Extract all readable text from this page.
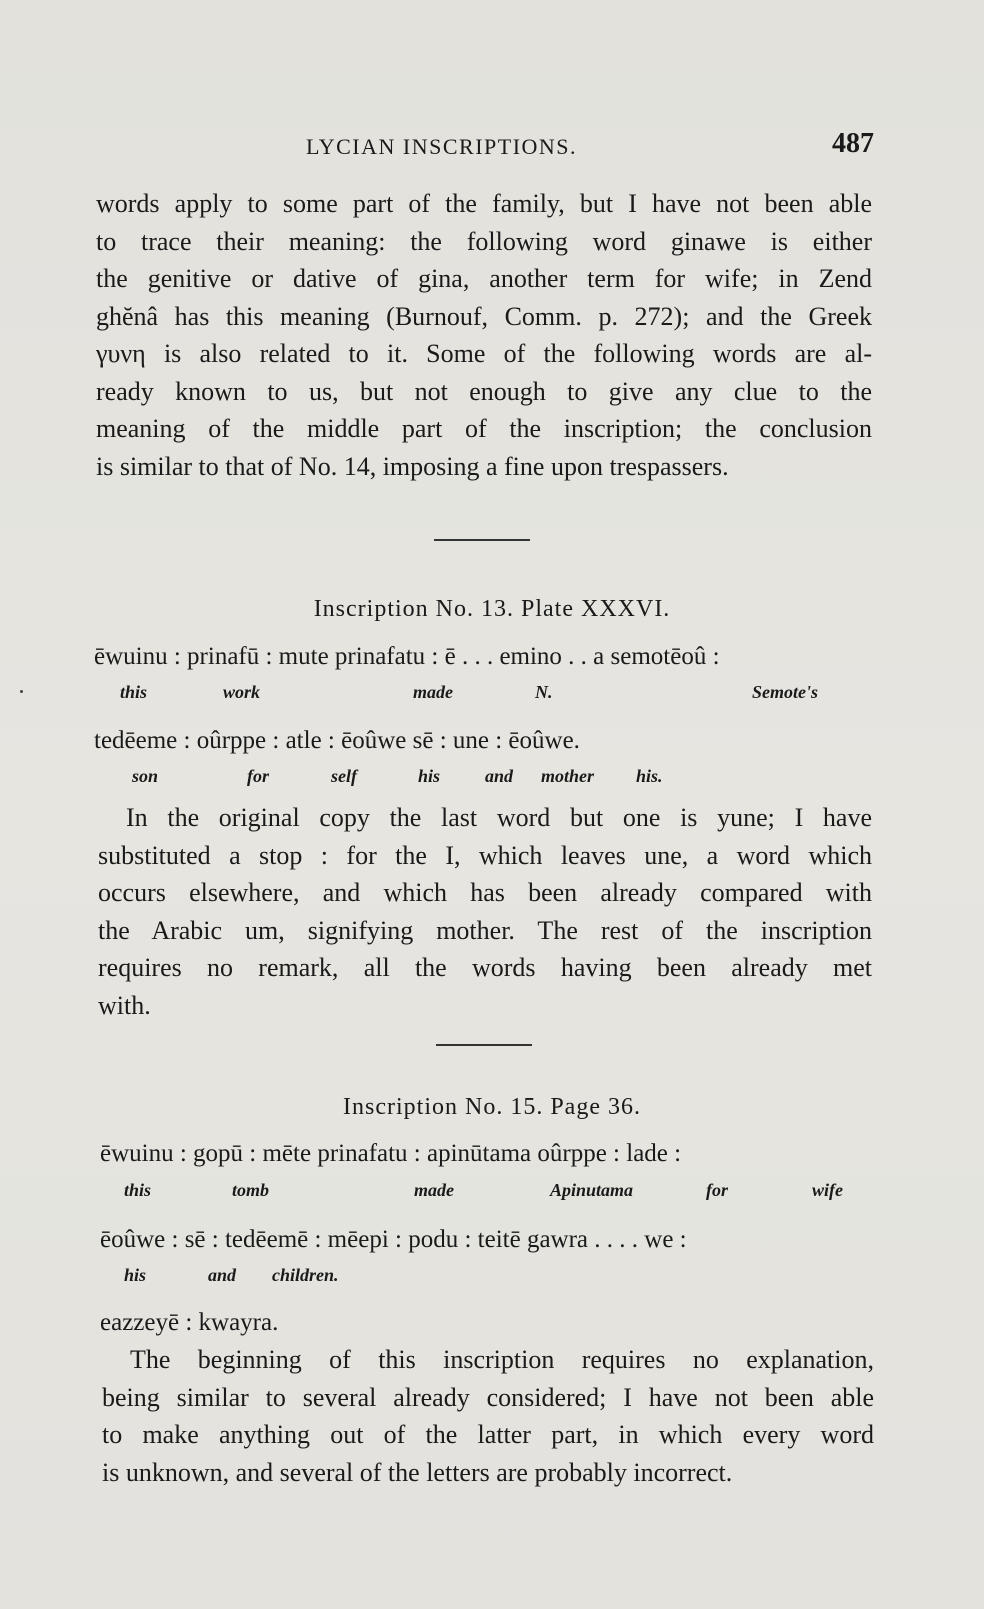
LYCIAN INSCRIPTIONS.	487
words apply to some part of the family, but I have not been able
to trace their meaning: the following word ginawe is either
the genitive or dative of gina, another term for wife; in Zend
ghĕnâ has this meaning (Burnouf, Comm. p. 272); and the Greek
γυνη is also related to it. Some of the following words are al-
ready known to us, but not enough to give any clue to the
meaning of the middle part of the inscription; the conclusion
is similar to that of No. 14, imposing a fine upon trespassers.
Inscription No. 13. Plate XXXVI.
ēwuinu : prinafū : mute prinafatu : ē . . . emino . . a semotēoû :
this	work	made	N.	Semote's
tedēeme : oûrppe : atle : ēoûwe sē : une : ēoûwe.
son	for	self	his and mother his.
In the original copy the last word but one is yune; I have
substituted a stop : for the I, which leaves une, a word which
occurs elsewhere, and which has been already compared with
the Arabic um, signifying mother. The rest of the inscription
requires no remark, all the words having been already met
with.
Inscription No. 15. Page 36.
ēwuinu : gopū : mēte prinafatu : apinūtama oûrppe : lade :
this	tomb	made	Apinutama	for	wife
ēoûwe : sē : tedēemē : mēepi : podu : teitē gawra . . . . we :
his	and children.
eazzeyē : kwayra.
The beginning of this inscription requires no explanation,
being similar to several already considered; I have not been able
to make anything out of the latter part, in which every word
is unknown, and several of the letters are probably incorrect.
